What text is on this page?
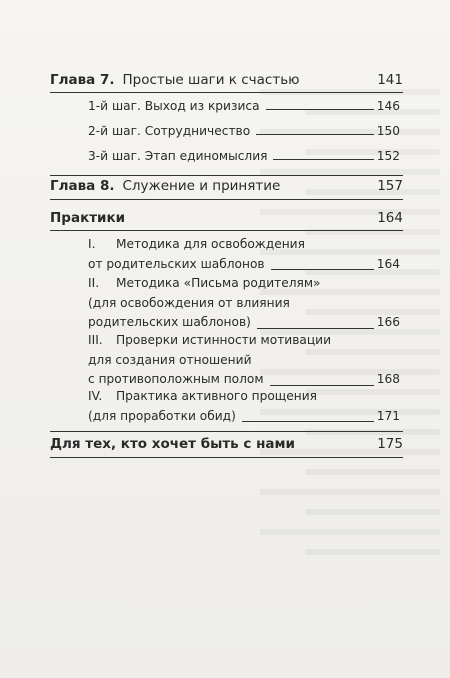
Глава 7. Простые шаги к счастью	141
1-й шаг. Выход из кризиса	146
2-й шаг. Сотрудничество	150
3-й шаг. Этап единомыслия	152
Глава 8. Служение и принятие	157
Практики	164
I.	Методика для освобождения
от родительских шаблонов	164
II.	Методика «Письма родителям»
(для освобождения от влияния
родительских шаблонов)	166
III.	Проверки истинности мотивации
для создания отношений
с противоположным полом	168
IV.	Практика активного прощения
(для проработки обид)	171
Для тех, кто хочет быть с нами	175
